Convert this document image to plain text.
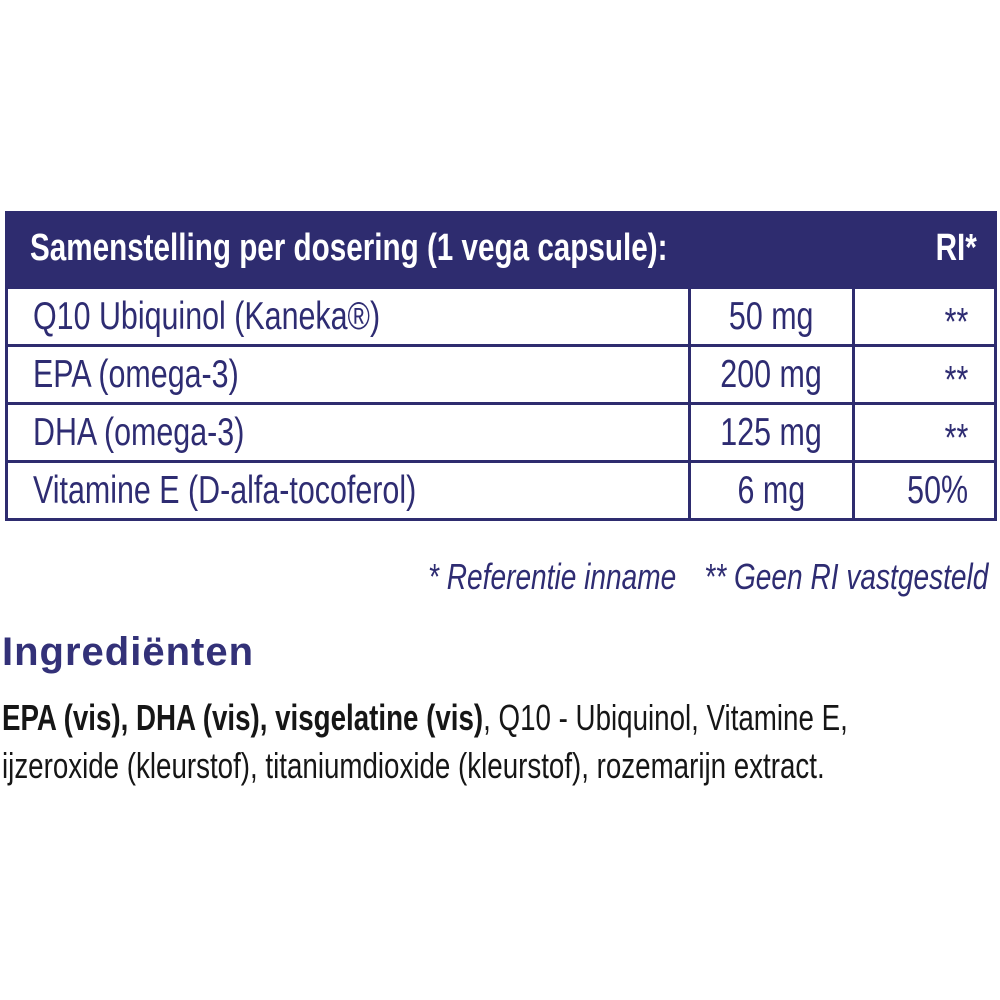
Samenstelling per dosering (1 vega capsule):	RI*
Q10 Ubiquinol (Kaneka®)	50 mg	**
EPA (omega-3)	200 mg	**
DHA (omega-3)	125 mg	**
Vitamine E (D-alfa-tocoferol)	6 mg	50%
* Referentie inname ** Geen RI vastgesteld
Ingrediënten

EPA (vis), DHA (vis), visgelatine (vis), Q10 - Ubiquinol, Vitamine E,
ijzeroxide (kleurstof), titaniumdioxide (kleurstof), rozemarijn extract.
